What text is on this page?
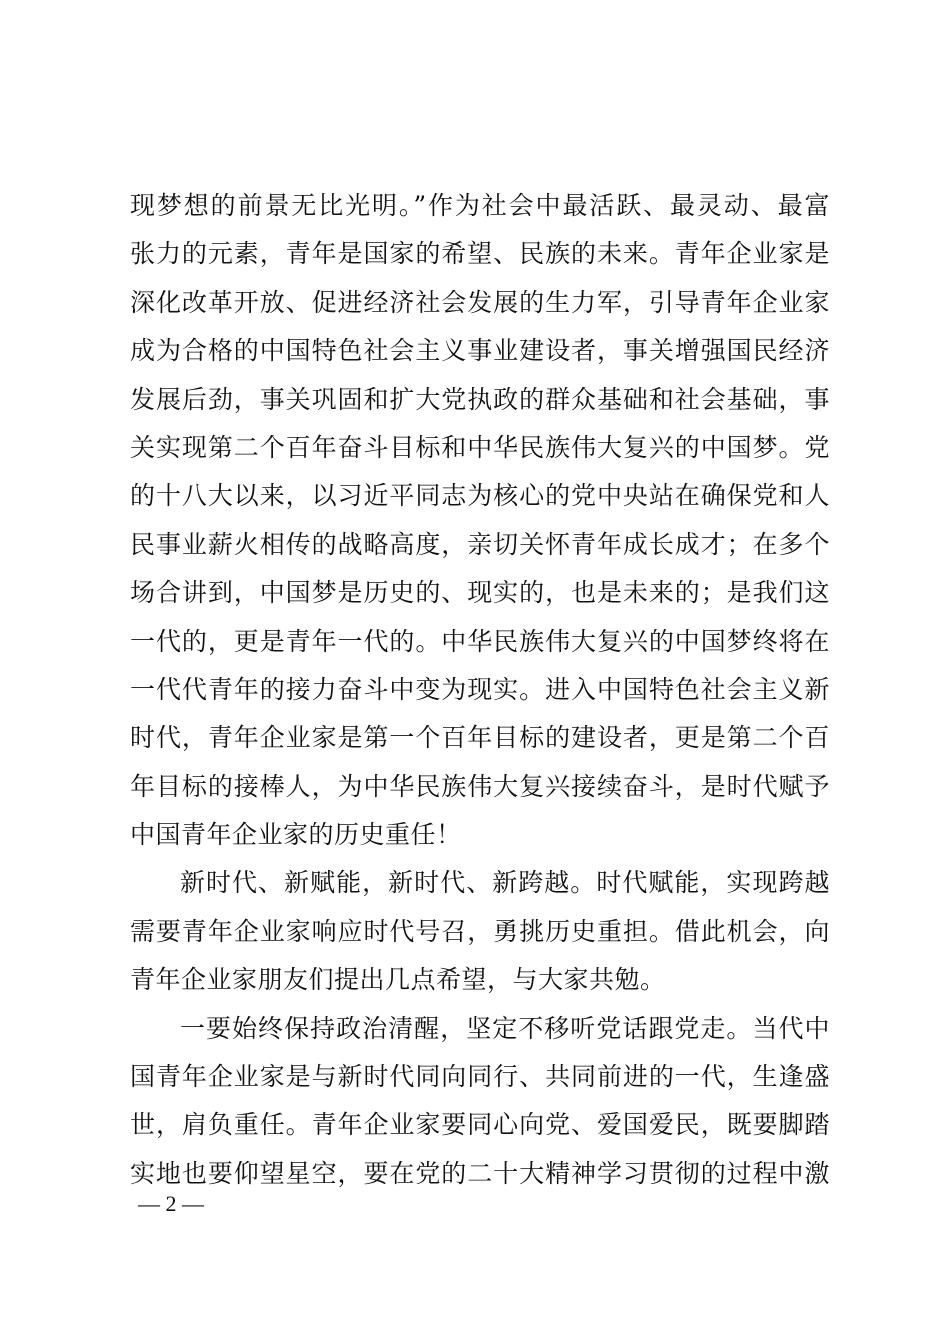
现梦想的前景无比光明。”作为社会中最活跃、最灵动、最富
张力的元素，青年是国家的希望、民族的未来。青年企业家是
深化改革开放、促进经济社会发展的生力军，引导青年企业家
成为合格的中国特色社会主义事业建设者，事关增强国民经济
发展后劲，事关巩固和扩大党执政的群众基础和社会基础，事
关实现第二个百年奋斗目标和中华民族伟大复兴的中国梦。党
的十八大以来，以习近平同志为核心的党中央站在确保党和人
民事业薪火相传的战略高度，亲切关怀青年成长成才；在多个
场合讲到，中国梦是历史的、现实的，也是未来的；是我们这
一代的，更是青年一代的。中华民族伟大复兴的中国梦终将在
一代代青年的接力奋斗中变为现实。进入中国特色社会主义新
时代，青年企业家是第一个百年目标的建设者，更是第二个百
年目标的接棒人，为中华民族伟大复兴接续奋斗，是时代赋予
中国青年企业家的历史重任！
新时代、新赋能，新时代、新跨越。时代赋能，实现跨越
需要青年企业家响应时代号召，勇挑历史重担。借此机会，向
青年企业家朋友们提出几点希望，与大家共勉。
一要始终保持政治清醒，坚定不移听党话跟党走。当代中
国青年企业家是与新时代同向同行、共同前进的一代，生逢盛
世，肩负重任。青年企业家要同心向党、爱国爱民，既要脚踏
实地也要仰望星空，要在党的二十大精神学习贯彻的过程中激
— 2 —
